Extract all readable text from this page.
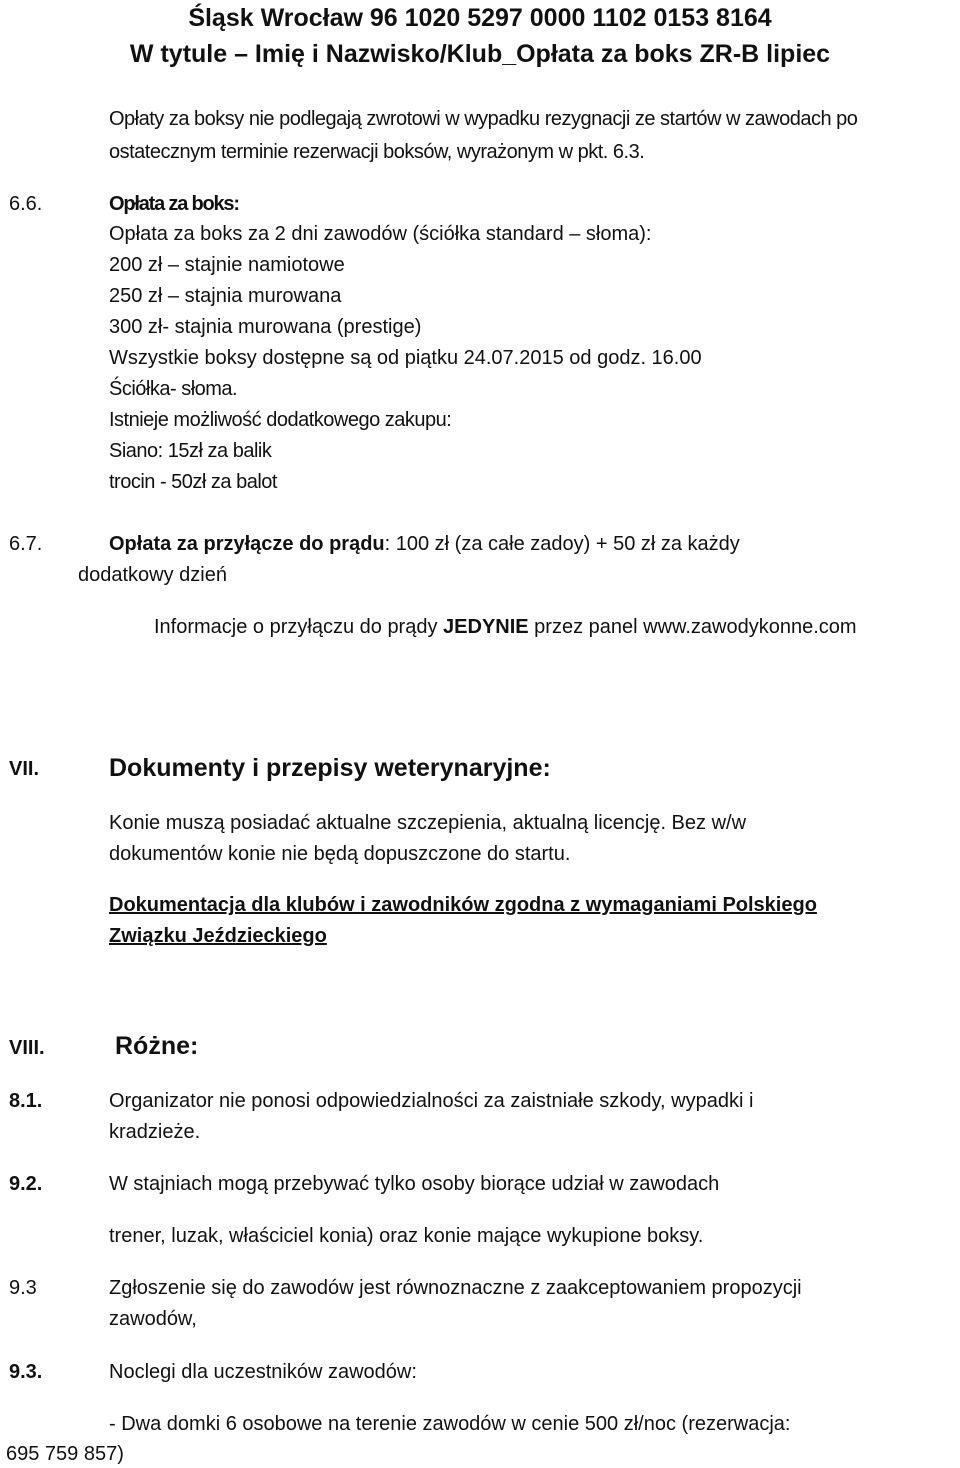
Śląsk Wrocław 96 1020 5297 0000 1102 0153 8164
W tytule – Imię i Nazwisko/Klub_Opłata za boks ZR-B lipiec
Opłaty za boksy nie podlegają zwrotowi w wypadku rezygnacji ze startów w zawodach po
ostatecznym terminie rezerwacji boksów, wyrażonym w pkt. 6.3.
6.6.	Opłata za boks:
Opłata za boks za 2 dni zawodów (ściółka standard – słoma):
200 zł – stajnie namiotowe
250 zł – stajnia murowana
300 zł- stajnia murowana (prestige)
Wszystkie boksy dostępne są od piątku 24.07.2015 od godz. 16.00
Ściółka- słoma.
Istnieje możliwość dodatkowego zakupu:
Siano: 15zł za balik
trocin - 50zł za balot
6.7.	Opłata za przyłącze do prądu: 100 zł (za całe zadoy) + 50 zł za każdy
dodatkowy dzień
Informacje o przyłączu do prądy JEDYNIE przez panel www.zawodykonne.com
VII.	Dokumenty i przepisy weterynaryjne:
Konie muszą posiadać aktualne szczepienia, aktualną licencję. Bez w/w
dokumentów konie nie będą dopuszczone do startu.
Dokumentacja dla klubów i zawodników zgodna z wymaganiami Polskiego
Związku Jeździeckiego
VIII.	Różne:
8.1.	Organizator nie ponosi odpowiedzialności za zaistniałe szkody, wypadki i
kradzieże.
9.2.	W stajniach mogą przebywać tylko osoby biorące udział w zawodach
trener, luzak, właściciel konia) oraz konie mające wykupione boksy.
9.3	Zgłoszenie się do zawodów jest równoznaczne z zaakceptowaniem propozycji
zawodów,
9.3.	Noclegi dla uczestników zawodów:
- Dwa domki 6 osobowe na terenie zawodów w cenie 500 zł/noc (rezerwacja:
695 759 857)
